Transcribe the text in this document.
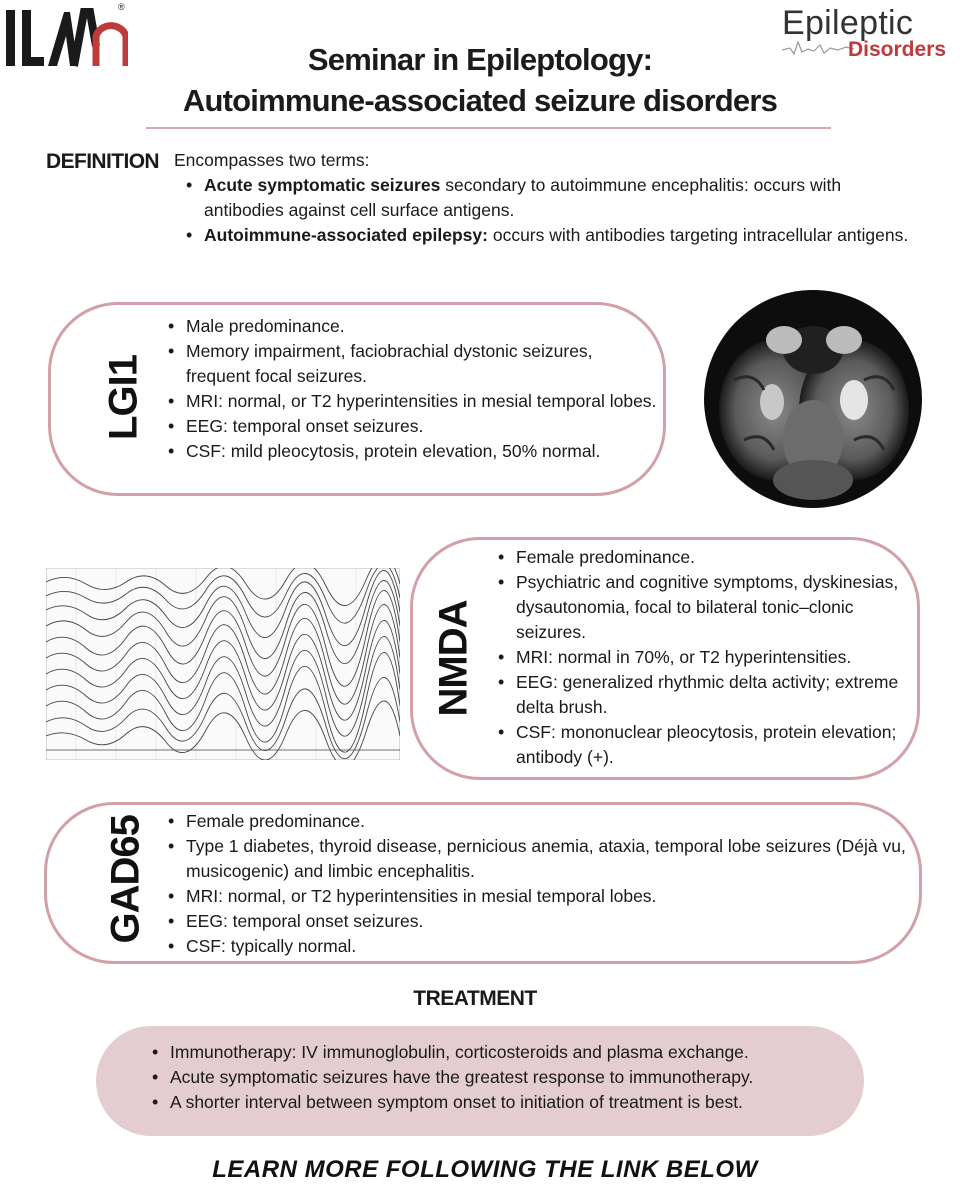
®	Epileptic
Disorders
Seminar in Epileptology:
Autoimmune-associated seizure disorders
DEFINITION Encompasses two terms:
• Acute symptomatic seizures secondary to autoimmune encephalitis: occurs with antibodies against cell surface antigens.
• Autoimmune-associated epilepsy: occurs with antibodies targeting intracellular antigens.
LGI1
• Male predominance.
• Memory impairment, faciobrachial dystonic seizures, frequent focal seizures.
• MRI: normal, or T2 hyperintensities in mesial temporal lobes.
• EEG: temporal onset seizures.
• CSF: mild pleocytosis, protein elevation, 50% normal.
NMDA
• Female predominance.
• Psychiatric and cognitive symptoms, dyskinesias, dysautonomia, focal to bilateral tonic–clonic seizures.
• MRI: normal in 70%, or T2 hyperintensities.
• EEG: generalized rhythmic delta activity; extreme delta brush.
• CSF: mononuclear pleocytosis, protein elevation; antibody (+).
GAD65
•	Female predominance.
• Type 1 diabetes, thyroid disease, pernicious anemia, ataxia, temporal lobe seizures (Déjà vu, musicogenic) and limbic encephalitis.
• MRI: normal, or T2 hyperintensities in mesial temporal lobes.
• EEG: temporal onset seizures.
• CSF: typically normal.
TREATMENT
• Immunotherapy: IV immunoglobulin, corticosteroids and plasma exchange.
• Acute symptomatic seizures have the greatest response to immunotherapy.
• A shorter interval between symptom onset to initiation of treatment is best.
LEARN MORE FOLLOWING THE LINK BELOW
